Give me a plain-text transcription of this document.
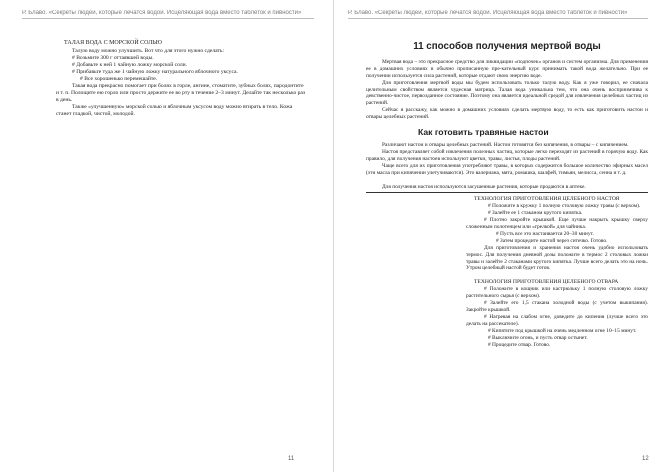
Р. Блаво. «Секреты людей, которые лечатся водой. Исцеляющая вода вместо таблеток и пивности»

ТАЛАЯ ВОДА С МОРСКОЙ СОЛЬЮ

Талую воду можно улучшить. Вот что для этого нужно сделать:

# Возьмите 300 г оттаявшей воды.

# Добавьте к ней 1 чайную ложку морской соли.

# Прибавьте туда же 1 чайную ложку натурального яблочного уксуса.

# Все хорошенько перемешайте.

Такая вода прекрасно помогает при болях в горле, ангине, стоматите, зубных болях, пародонтите и т. п. Полощите ею горло или просто держите ее во рту в течение 2–3 минут. Делайте так несколько раз в день.

Также «улучшенную» морской солью и яблочным уксусом воду можно втирать в тело. Кожа станет гладкой, чистой, молодой.

11
Р. Блаво. «Секреты людей, которые лечатся водой. Исцеляющая вода вместо таблеток и пивности»
11 способов получения мертвой воды

Мертвая вода – это прекрасное средство для ликвидации «подпочек» органов и систем организма. Для применения ее в домашних условиях в обычно прописанную пре-кательный курс принимать такой вода желательно. При ее получении используется сила растений, которые отдают свою энергию воде.

Для приготовления мертвой воды мы будем использовать только талую воду. Как я уже говорил, ее сначала целительным свойством является чудесная матрица. Талая вода уникальна тем, что она очень восприимчива к девственно-чистое, первозданное состояние. Поэтому она является идеальной средой для извлечения целебных частиц из растений.

Сейчас я расскажу, как можно в домашних условиях сделать мертвую воду, то есть как приготовить настои и отвары целебных растений.

Как готовить травяные настои

Различают настои и отвары целебных растений. Настои готовятся без кипячения, в отвары – с кипячением.

Настоя представляет собой извлечения полезных частиц, которые легко переходят из растений в горячую воду. Как правило, для получения настоев используют цветки, травы, листья, плоды растений.

Чаще всего для их приготовления употребляют травы, в которых содержится большое количество эфирных масел (эти масла при кипячении улетучиваются). Это валериана, мята, ромашка, шалфей, тимьян, мелисса, сенна и т. д.

Для получения настоя используются засушенные растения, которые продаются в аптеке.

ТЕХНОЛОГИЯ ПРИГОТОВЛЕНИЯ ЦЕЛЕБНОГО НАСТОЯ

# Положите в кружку 1 полную столовую ложку травы (с верхом).

# Залейте ее 1 стаканом крутого кипятка.

# Плотно закройте крышкой. Еще лучше накрыть крышку сверху сложенным полотенцем или «грелкой» для чайника.

# Пусть все это настаивается 20–30 минут.

# Затем процедите настой через ситечко. Готово.

Для приготовления и хранения настоя очень удобно использовать термос. Для получения дневной дозы положите в термос 2 столовых ложки травы и залейте 2 стаканами крутого кипятка. Лучше всего делать это на ночь. Утром целебный настой будет готов.

ТЕХНОЛОГИЯ ПРИГОТОВЛЕНИЯ ЦЕЛЕБНОГО ОТВАРА

# Положите в кощник или кастрюльку 1 полную столовую ложку растительного сырья (с верхом).

# Залейте его 1,5 стакана холодной воды (с учетом выкипания). Закройте крышкой.

# Нагревая на слабом огне, доведите до кипения (лучше всего это делать на рассекателе).

# Кипятите под крышкой на очень медленном огне 10–15 минут.

# Выключите огонь, и пусть отвар остынет.

# Процедите отвар. Готово.

12
